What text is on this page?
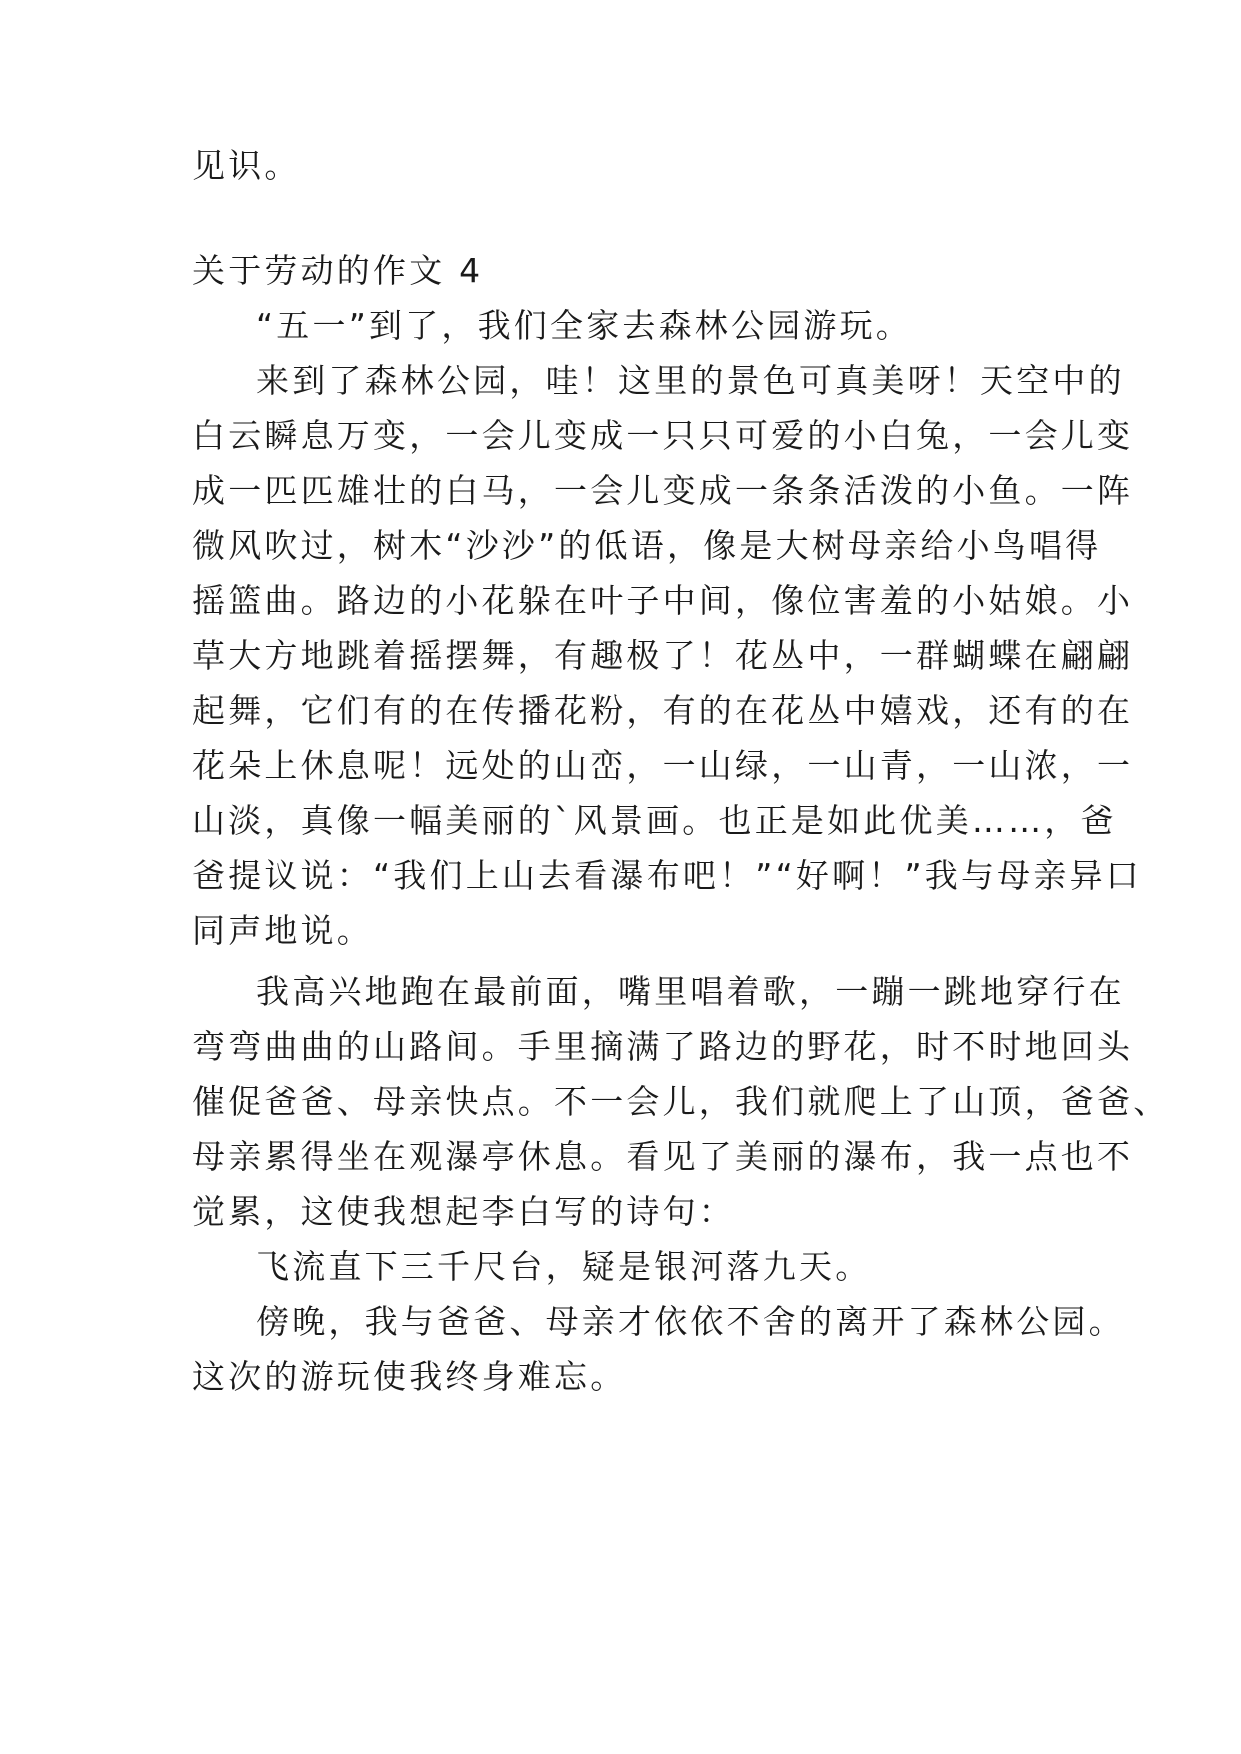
见识。
关于劳动的作文 4
“五一”到了，我们全家去森林公园游玩。
来到了森林公园，哇！这里的景色可真美呀！天空中的
白云瞬息万变，一会儿变成一只只可爱的小白兔，一会儿变
成一匹匹雄壮的白马，一会儿变成一条条活泼的小鱼。一阵
微风吹过，树木“沙沙”的低语，像是大树母亲给小鸟唱得
摇篮曲。路边的小花躲在叶子中间，像位害羞的小姑娘。小
草大方地跳着摇摆舞，有趣极了！花丛中，一群蝴蝶在翩翩
起舞，它们有的在传播花粉，有的在花丛中嬉戏，还有的在
花朵上休息呢！远处的山峦，一山绿，一山青，一山浓，一
山淡，真像一幅美丽的`风景画。也正是如此优美……，爸
爸提议说：“我们上山去看瀑布吧！”“好啊！”我与母亲异口
同声地说。
我高兴地跑在最前面，嘴里唱着歌，一蹦一跳地穿行在
弯弯曲曲的山路间。手里摘满了路边的野花，时不时地回头
催促爸爸、母亲快点。不一会儿，我们就爬上了山顶，爸爸、
母亲累得坐在观瀑亭休息。看见了美丽的瀑布，我一点也不
觉累，这使我想起李白写的诗句：
飞流直下三千尺台，疑是银河落九天。
傍晚，我与爸爸、母亲才依依不舍的离开了森林公园。
这次的游玩使我终身难忘。
